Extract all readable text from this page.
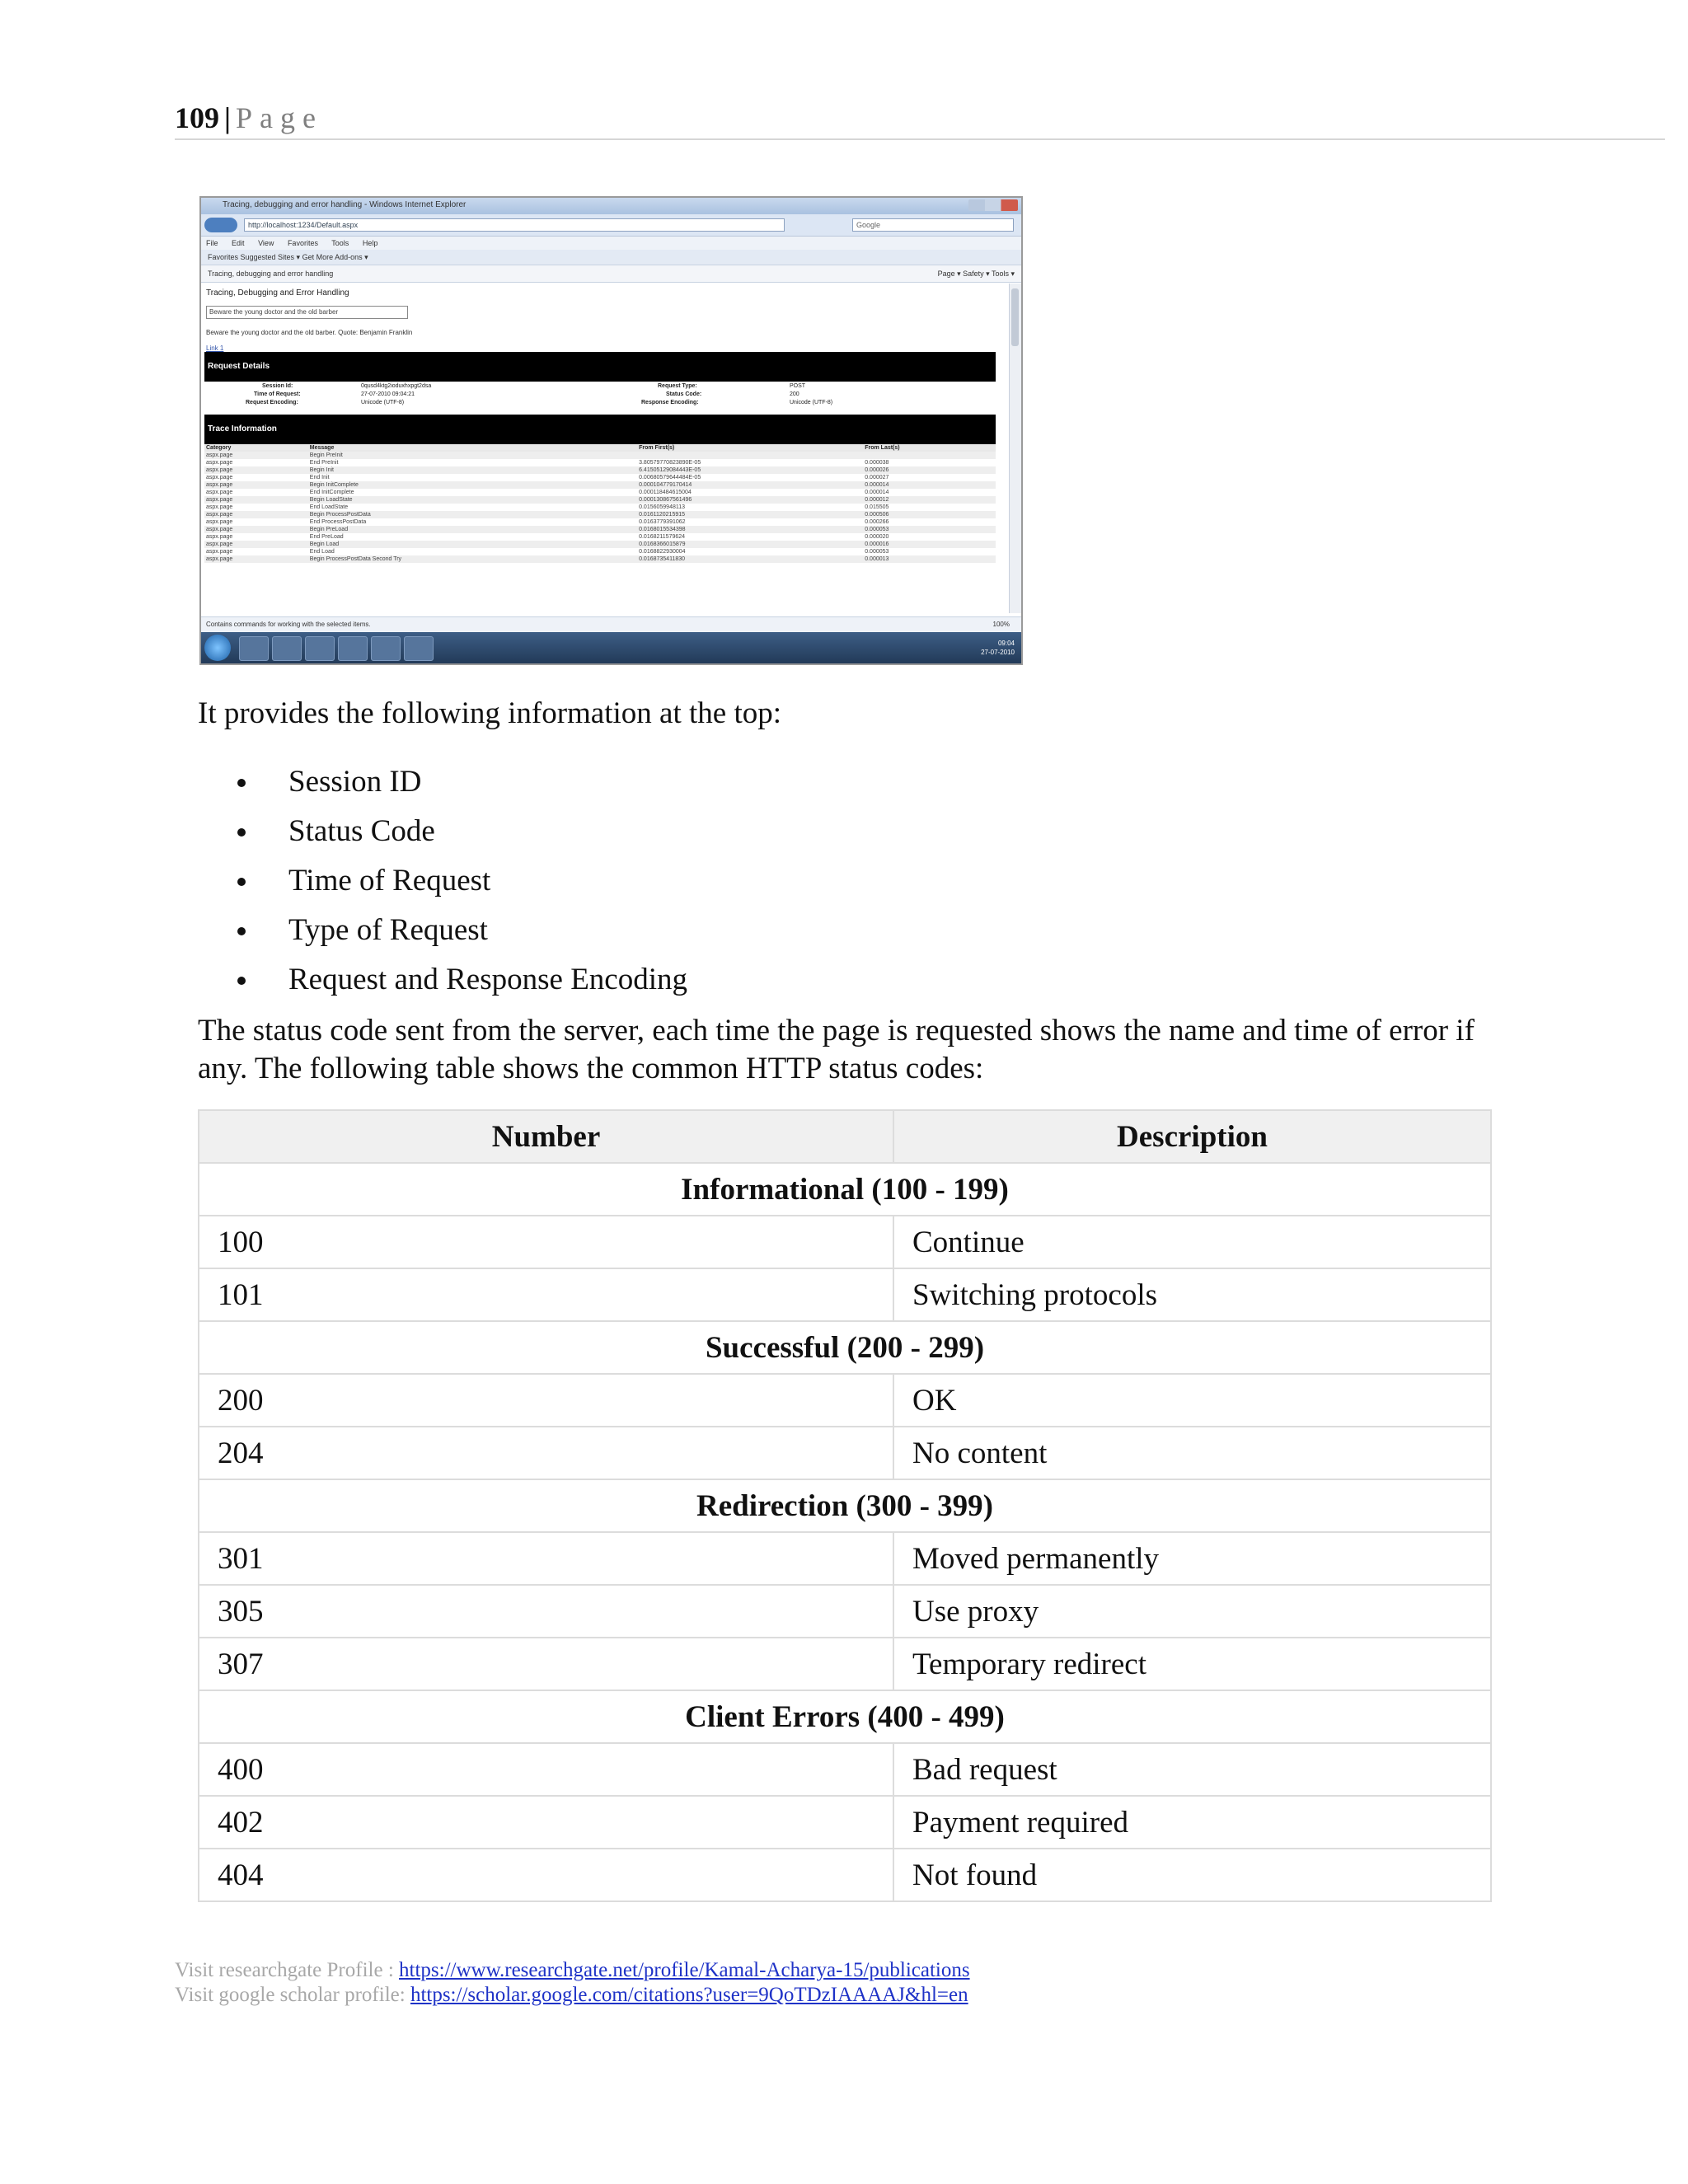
109 | Page
Tracing, debugging and error handling - Windows Internet Explorer
http://localhost:1234/Default.aspx	Google
File Edit View Favorites Tools Help
Favorites Suggested Sites ▾ Get More Add-ons ▾
Tracing, debugging and error handling	Page ▾ Safety ▾ Tools ▾
Tracing, Debugging and Error Handling
Beware the young doctor and the old barber
Beware the young doctor and the old barber. Quote: Benjamin Franklin
Link 1
Request Details
Session Id:	0qusd4ktg2ioduxhxpgt2dsa
Time of Request:	27-07-2010 09:04:21
Request Encoding:	Unicode (UTF-8)
Request Type:	POST
Status Code:	200
Response Encoding:	Unicode (UTF-8)
Trace Information
Category	Message	From First(s)	From Last(s)
aspx.page	Begin PreInit		
aspx.page	End PreInit	3.80579770823890E-05	0.000038
aspx.page	Begin Init	6.41505129084443E-05	0.000026
aspx.page	End Init	0.00680579644484E-05	0.000027
aspx.page	Begin InitComplete	0.000104779170414	0.000014
aspx.page	End InitComplete	0.000118484615004	0.000014
aspx.page	Begin LoadState	0.000130867561496	0.000012
aspx.page	End LoadState	0.0156059948113	0.015505
aspx.page	Begin ProcessPostData	0.0161120215915	0.000506
aspx.page	End ProcessPostData	0.0163779391062	0.000266
aspx.page	Begin PreLoad	0.0168015534398	0.000053
aspx.page	End PreLoad	0.0168211579624	0.000020
aspx.page	Begin Load	0.0168366015879	0.000016
aspx.page	End Load	0.0168822930004	0.000053
aspx.page	Begin ProcessPostData Second Try	0.0168735411830	0.000013
Contains commands for working with the selected items.	100%
09:04
27-07-2010
It provides the following information at the top:
Session ID
Status Code
Time of Request
Type of Request
Request and Response Encoding
The status code sent from the server, each time the page is requested shows the name and time of error if any. The following table shows the common HTTP status codes:
Number	Description
Informational (100 - 199)	
100	Continue
101	Switching protocols
Successful (200 - 299)	
200	OK
204	No content
Redirection (300 - 399)	
301	Moved permanently
305	Use proxy
307	Temporary redirect
Client Errors (400 - 499)	
400	Bad request
402	Payment required
404	Not found
Visit researchgate Profile : https://www.researchgate.net/profile/Kamal-Acharya-15/publications
Visit google scholar profile: https://scholar.google.com/citations?user=9QoTDzIAAAAJ&hl=en
